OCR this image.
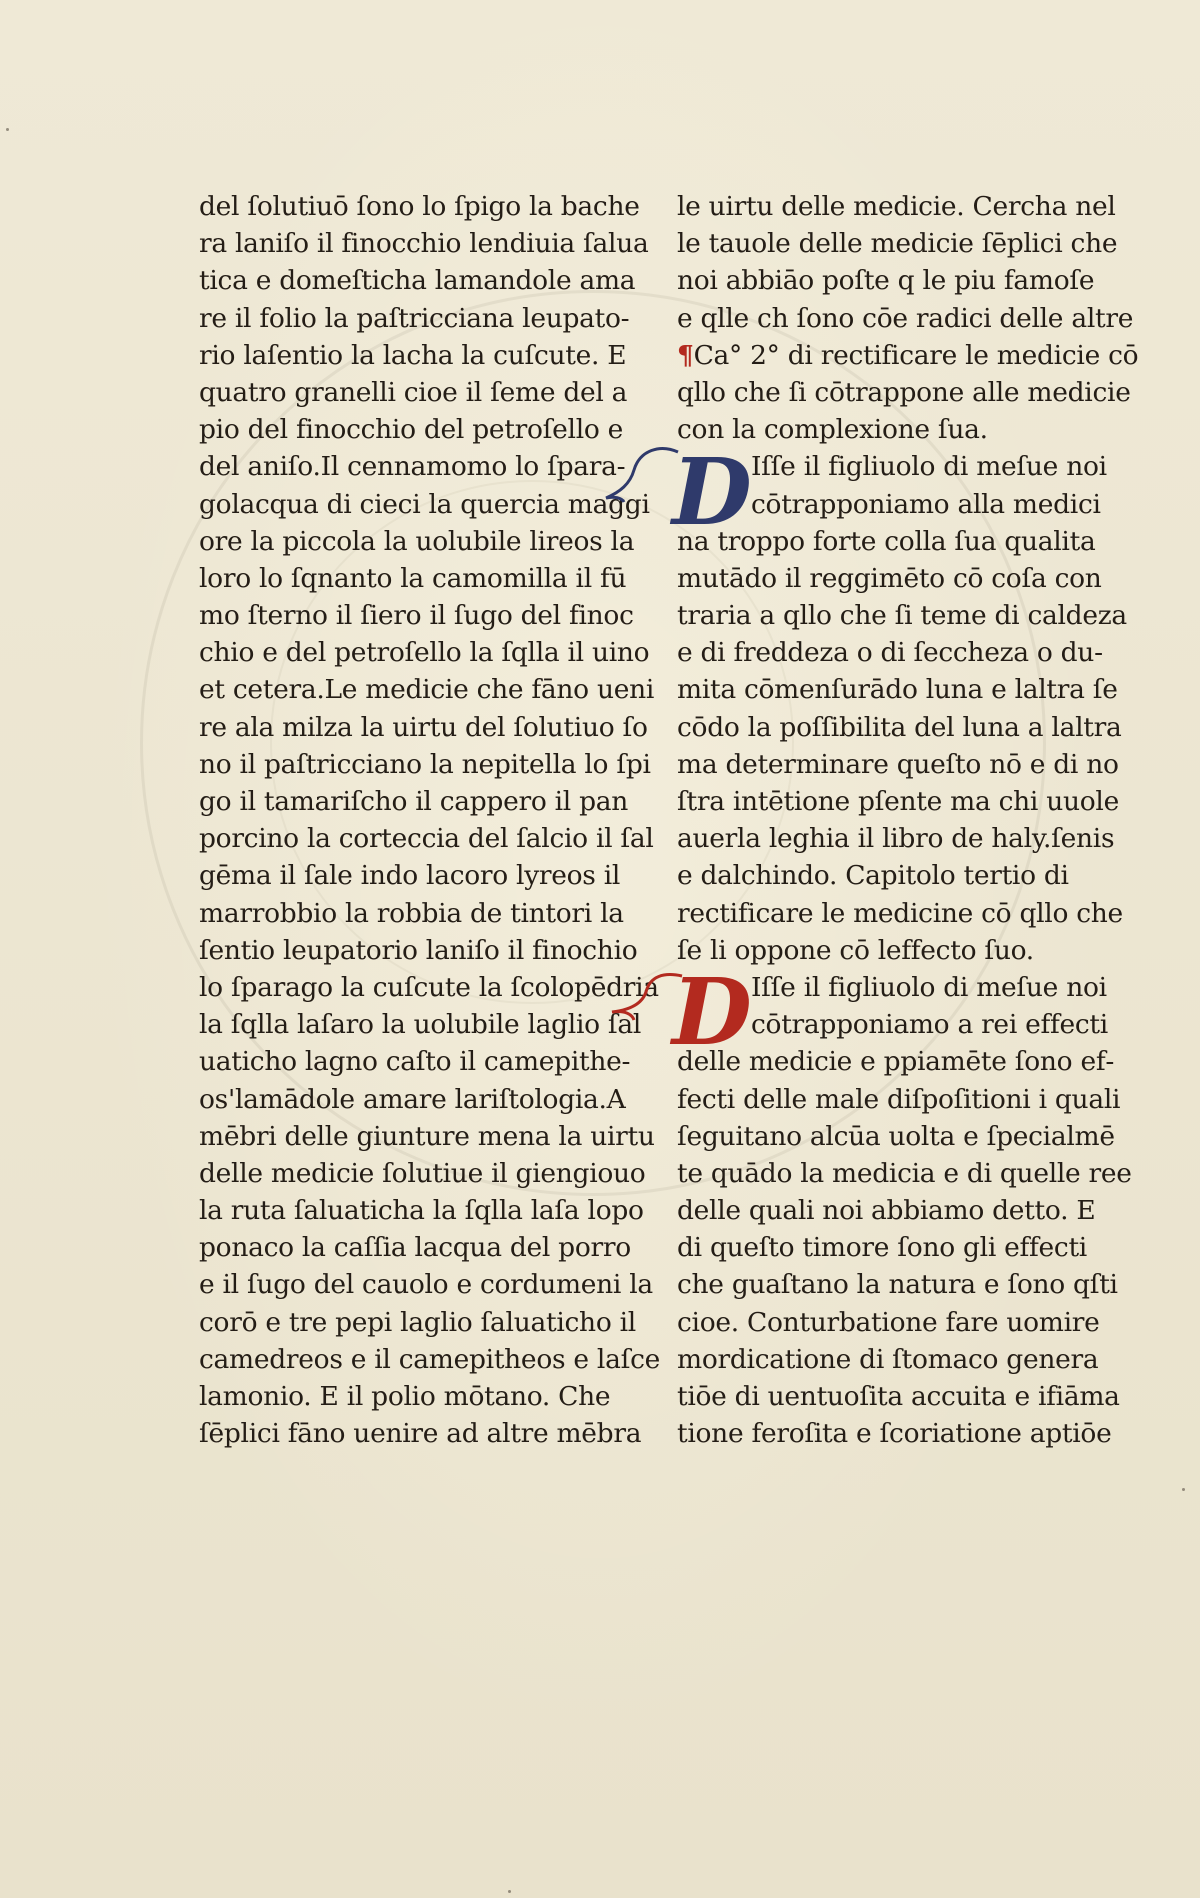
del ſolutiuō ſono lo ſpigo la bache
ra laniſo il finocchio lendiuia ſalua
tica e domeſticha lamandole ama
re il folio la paſtricciana leupato‐
rio laſentio la lacha la cuſcute. E
quatro granelli cioe il ſeme del a
pio del finocchio del petroſello e
del aniſo.Il cennamomo lo ſpara‐
golacqua di cieci la quercia maggi
ore la piccola la uolubile lireos la
loro lo ſqnanto la camomilla il fū
mo ſterno il ſiero il ſugo del finoc
chio e del petroſello la ſqlla il uino
et cetera.Le medicie che fāno ueni
re ala milza la uirtu del ſolutiuo ſo
no il paſtricciano la nepitella lo ſpi
go il tamariſcho il cappero il pan
porcino la corteccia del ſalcio il ſal
gēma il ſale indo lacoro lyreos il
marrobbio la robbia de tintori la
ſentio leupatorio laniſo il finochio
lo ſparago la cuſcute la ſcolopēdria
la ſqlla laſaro la uolubile laglio ſal
uaticho lagno caſto il camepithe‐
os'lamādole amare lariſtologia.A
mēbri delle giunture mena la uirtu
delle medicie ſolutiue il giengiouo
la ruta ſaluaticha la ſqlla laſa lopo
ponaco la caſſia lacqua del porro
e il ſugo del cauolo e cordumeni la
corō e tre pepi laglio ſaluaticho il
camedreos e il camepitheos e laſce
lamonio. E il polio mōtano. Che
ſēplici fāno uenire ad altre mēbra
le uirtu delle medicie. Cercha nel
le tauole delle medicie ſēplici che
noi abbiāo poſte q le piu famoſe
e qlle ch ſono cōe radici delle altre
¶Ca° 2° di rectificare le medicie cō
qllo che ſi cōtrappone alle medicie
con la complexione ſua.
Iſſe il figliuolo di meſue noi
cōtrapponiamo alla medici
na troppo forte colla ſua qualita
mutādo il reggimēto cō coſa con
traria a qllo che ſi teme di caldeza
e di freddeza o di ſeccheza o du‐
mita cōmenſurādo luna e laltra ſe
cōdo la poſſibilita del luna a laltra
ma determinare queſto nō e di no
ſtra intētione pſente ma chi uuole
auerla leghia il libro de haly.ſenis
e dalchindo. Capitolo tertio di
rectificare le medicine cō qllo che
ſe li oppone cō leffecto ſuo.
Iſſe il figliuolo di meſue noi
cōtrapponiamo a rei effecti
delle medicie e ppiamēte ſono ef‐
fecti delle male diſpoſitioni i quali
ſeguitano alcūa uolta e ſpecialmē
te quādo la medicia e di quelle ree
delle quali noi abbiamo detto. E
di queſto timore ſono gli effecti
che guaſtano la natura e ſono qſti
cioe. Conturbatione fare uomire
mordicatione di ſtomaco genera
tiōe di uentuoſita accuita e ifiāma
tione feroſita e ſcoriatione aptiōe
D
D
